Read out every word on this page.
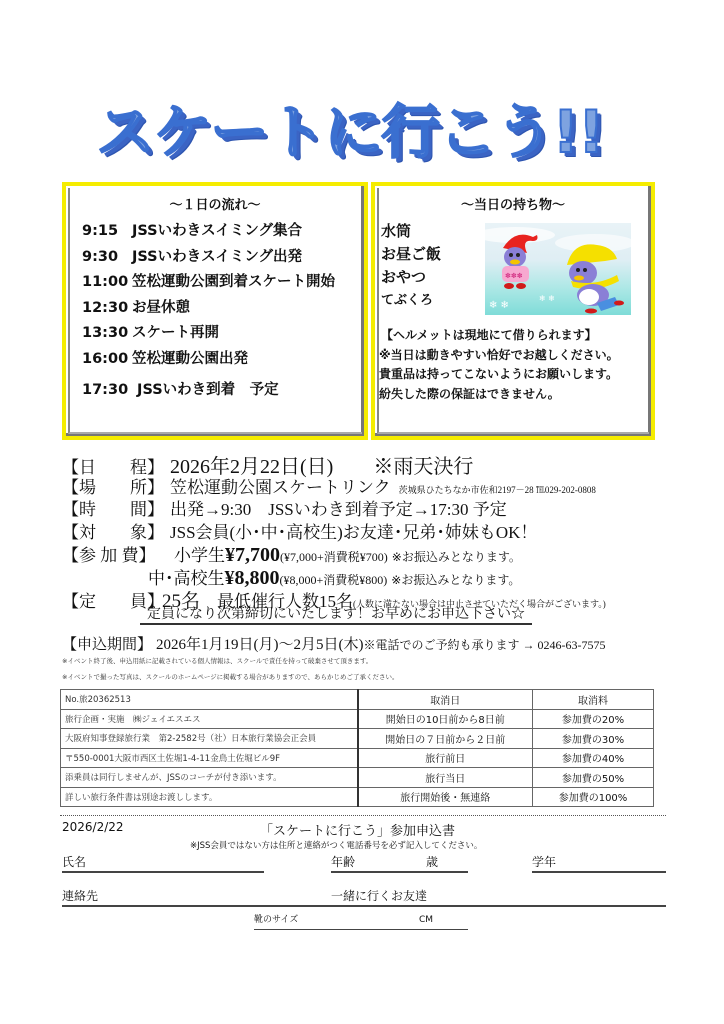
スケートに行こう!!
～１日の流れ～
9:15 JSSいわきスイミング集合
9:30 JSSいわきスイミング出発
11:00 笠松運動公園到着スケート開始
12:30 お昼休憩
13:30 スケート再開
16:00 笠松運動公園出発
17:30 JSSいわき到着　予定
～当日の持ち物～
水筒
お昼ご飯
おやつ
てぶくろ
✽✽✽
❄ ❄
❄ ❄
【ヘルメットは現地にて借りられます】
※当日は動きやすい恰好でお越しください。
貴重品は持ってこないようにお願いします。
紛失した際の保証はできません。
【日　　程】 2026年2月22日(日)　　※雨天決行
【場　　所】 笠松運動公園スケートリンク 茨城県ひたちなか市佐和2197－28 ℡029-202-0808
【時　　間】 出発→9:30　JSSいわき到着予定→17:30 予定
【対　　象】 JSS会員(小･中･高校生)お友達･兄弟･姉妹もOK！
【参 加 費】 小学生¥7,700(¥7,000+消費税¥700) ※お振込みとなります。
中･高校生¥8,800(¥8,000+消費税¥800) ※お振込みとなります。
【定　　員】25名　最低催行人数15名(人数に満たない場合は中止させていただく場合がございます。)
定員になり次第締切にいたします！お早めにお申込下さい☆
【申込期間】 2026年1月19日(月)～2月5日(木)※電話でのご予約も承ります → 0246-63-7575
※イベント終了後、申込用紙に記載されている個人情報は、スクールで責任を持って破棄させて頂きます。
※イベントで撮った写真は、スクールのホームページに掲載する場合がありますので、あらかじめご了承ください。
No.旅20362513	取消日	取消料
旅行企画・実施　㈱ジェイエスエス	開始日の10日前から8日前	参加費の20%
大阪府知事登録旅行業　第2-2582号（社）日本旅行業協会正会員	開始日の７日前から２日前	参加費の30%
〒550-0001大阪市西区土佐堀1-4-11金鳥土佐堀ビル9F	旅行前日	参加費の40%
添乗員は同行しませんが、JSSのコーチが付き添います。	旅行当日	参加費の50%
詳しい旅行条件書は別途お渡しします。	旅行開始後・無連絡	参加費の100%
2026/2/22	「スケートに行こう」参加申込書
※JSS会員ではない方は住所と連絡がつく電話番号を必ず記入してください。
氏名	年齢	歳	学年
連絡先	一緒に行くお友達
靴のサイズ	CM
